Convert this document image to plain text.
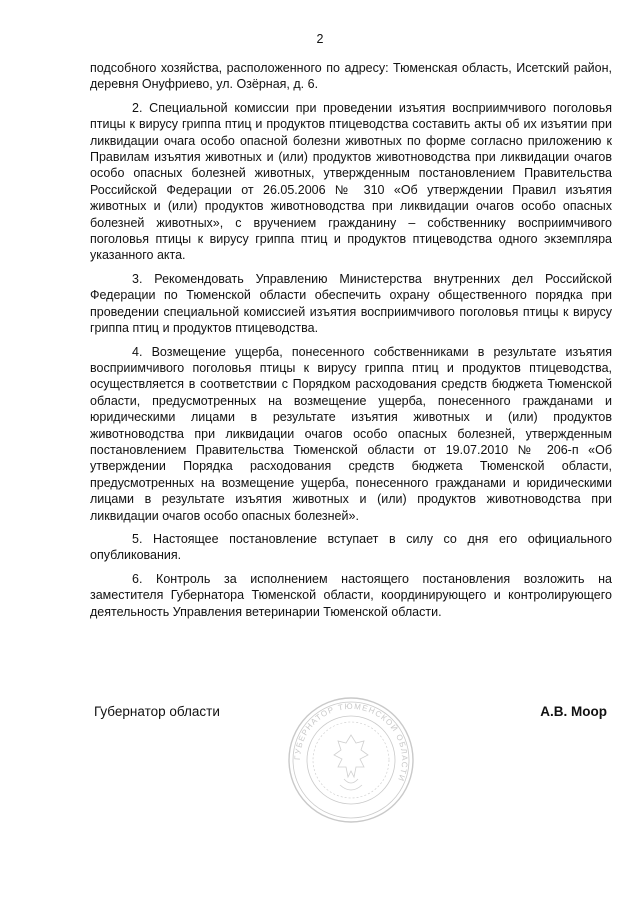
2

подсобного хозяйства, расположенного по адресу: Тюменская область, Исетский район, деревня Онуфриево, ул. Озёрная, д. 6.

2. Специальной комиссии при проведении изъятия восприимчивого поголовья птицы к вирусу гриппа птиц и продуктов птицеводства составить акты об их изъятии при ликвидации очага особо опасной болезни животных по форме согласно приложению к Правилам изъятия животных и (или) продуктов животноводства при ликвидации очагов особо опасных болезней животных, утвержденным постановлением Правительства Российской Федерации от 26.05.2006 № 310 «Об утверждении Правил изъятия животных и (или) продуктов животноводства при ликвидации очагов особо опасных болезней животных», с вручением гражданину – собственнику восприимчивого поголовья птицы к вирусу гриппа птиц и продуктов птицеводства одного экземпляра указанного акта.

3. Рекомендовать Управлению Министерства внутренних дел Российской Федерации по Тюменской области обеспечить охрану общественного порядка при проведении специальной комиссией изъятия восприимчивого поголовья птицы к вирусу гриппа птиц и продуктов птицеводства.

4. Возмещение ущерба, понесенного собственниками в результате изъятия восприимчивого поголовья птицы к вирусу гриппа птиц и продуктов птицеводства, осуществляется в соответствии с Порядком расходования средств бюджета Тюменской области, предусмотренных на возмещение ущерба, понесенного гражданами и юридическими лицами в результате изъятия животных и (или) продуктов животноводства при ликвидации очагов особо опасных болезней, утвержденным постановлением Правительства Тюменской области от 19.07.2010 № 206-п «Об утверждении Порядка расходования средств бюджета Тюменской области, предусмотренных на возмещение ущерба, понесенного гражданами и юридическими лицами в результате изъятия животных и (или) продуктов животноводства при ликвидации очагов особо опасных болезней».

5. Настоящее постановление вступает в силу со дня его официального опубликования.

6. Контроль за исполнением настоящего постановления возложить на заместителя Губернатора Тюменской области, координирующего и контролирующего деятельность Управления ветеринарии Тюменской области.

ГУБЕРНАТОР ТЮМЕНСКОЙ ОБЛАСТИ
Губернатор области	А.В. Моор
